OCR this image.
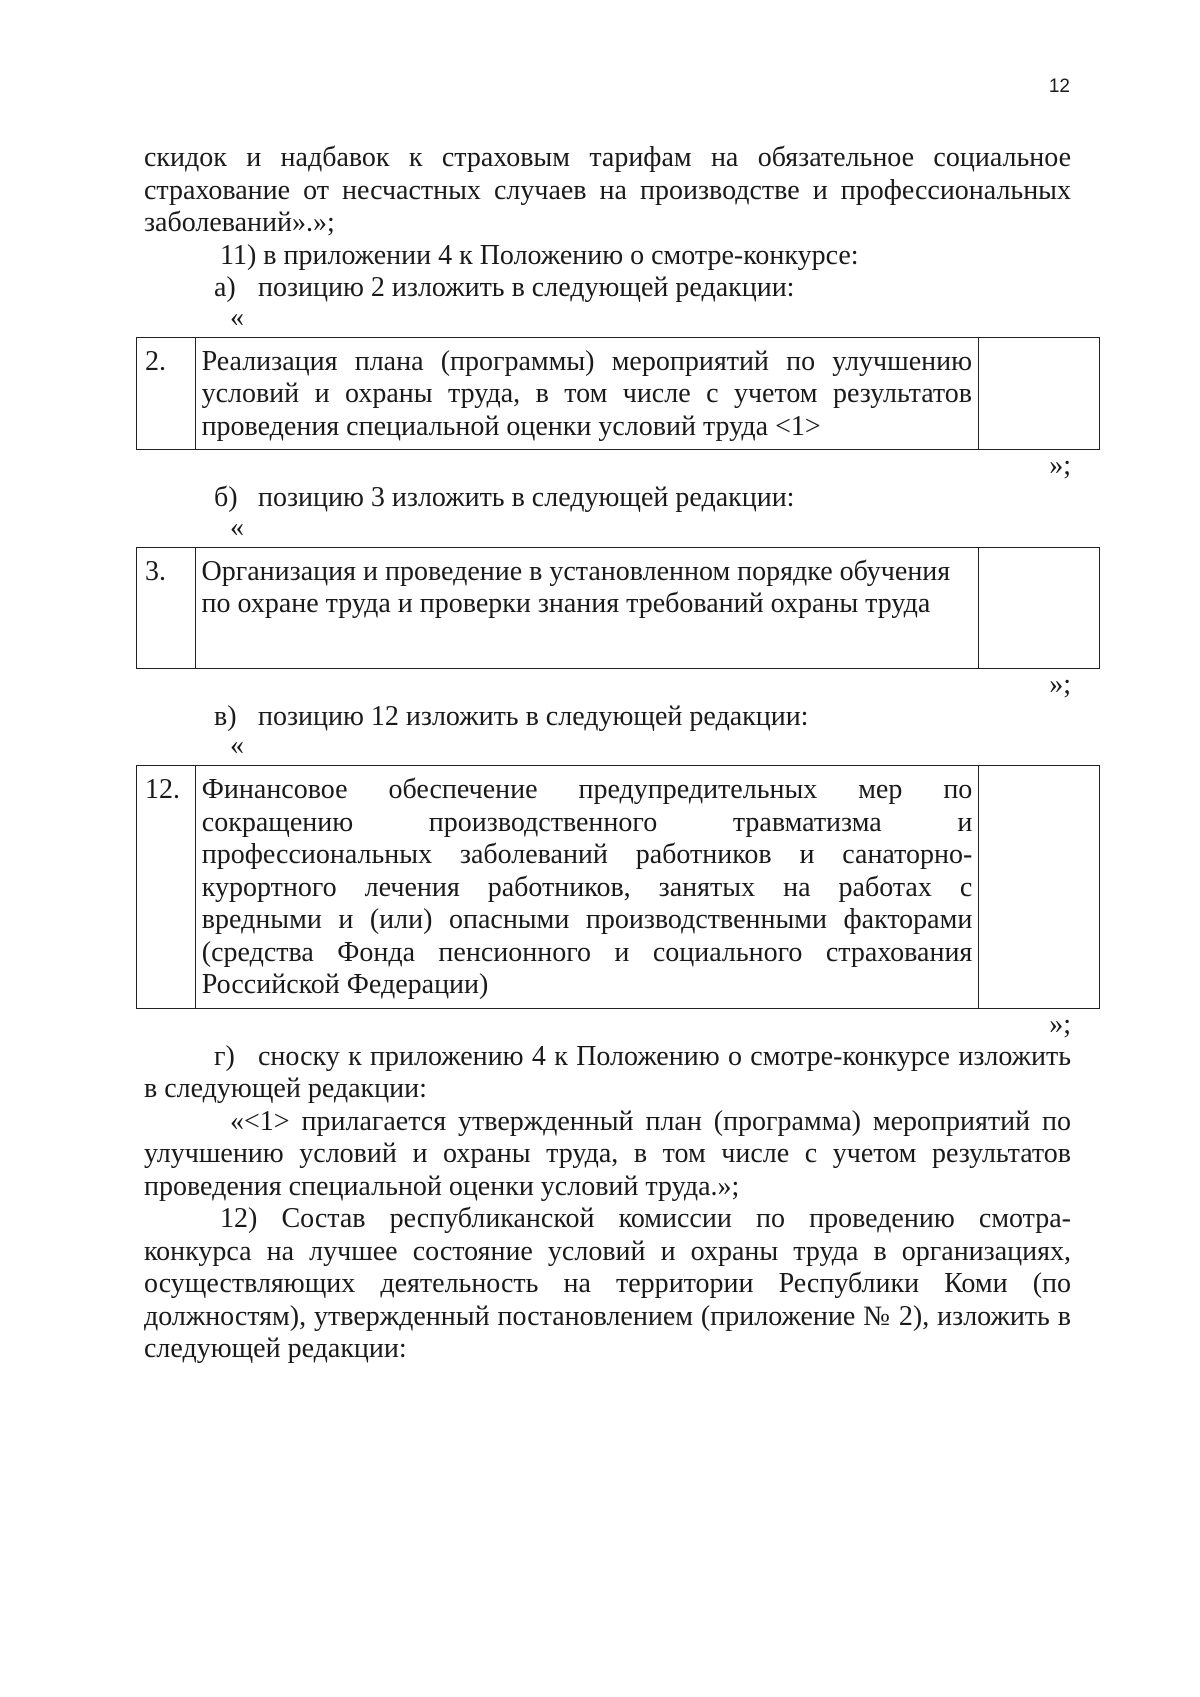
12

скидок и надбавок к страховым тарифам на обязательное социальное

страхование от несчастных случаев на производстве и профессиональных

заболеваний».»;

11) в приложении 4 к Положению о смотре-конкурсе:

а) позицию 2 изложить в следующей редакции:

«

2.	Реализация плана (программы) мероприятий по улучшению

условий и охраны труда, в том числе с учетом результатов

проведения специальной оценки условий труда <1>

»;

б) позицию 3 изложить в следующей редакции:

«

3.	Организация и проведение в установленном порядке обучения

по охране труда и проверки знания требований охраны труда

»;

в) позицию 12 изложить в следующей редакции:

«

12.	Финансовое обеспечение предупредительных мер по

сокращению производственного травматизма и

профессиональных заболеваний работников и санаторно-

курортного лечения работников, занятых на работах с

вредными и (или) опасными производственными факторами

(средства Фонда пенсионного и социального страхования

Российской Федерации)

»;

г) сноску к приложению 4 к Положению о смотре-конкурсе изложить

в следующей редакции:

«<1> прилагается утвержденный план (программа) мероприятий по улучшению условий и охраны труда, в том числе с учетом результатов проведения специальной оценки условий труда.»;

12) Состав республиканской комиссии по проведению смотра-конкурса на лучшее состояние условий и охраны труда в организациях, осуществляющих деятельность на территории Республики Коми (по должностям), утвержденный постановлением (приложение № 2), изложить в следующей редакции:
